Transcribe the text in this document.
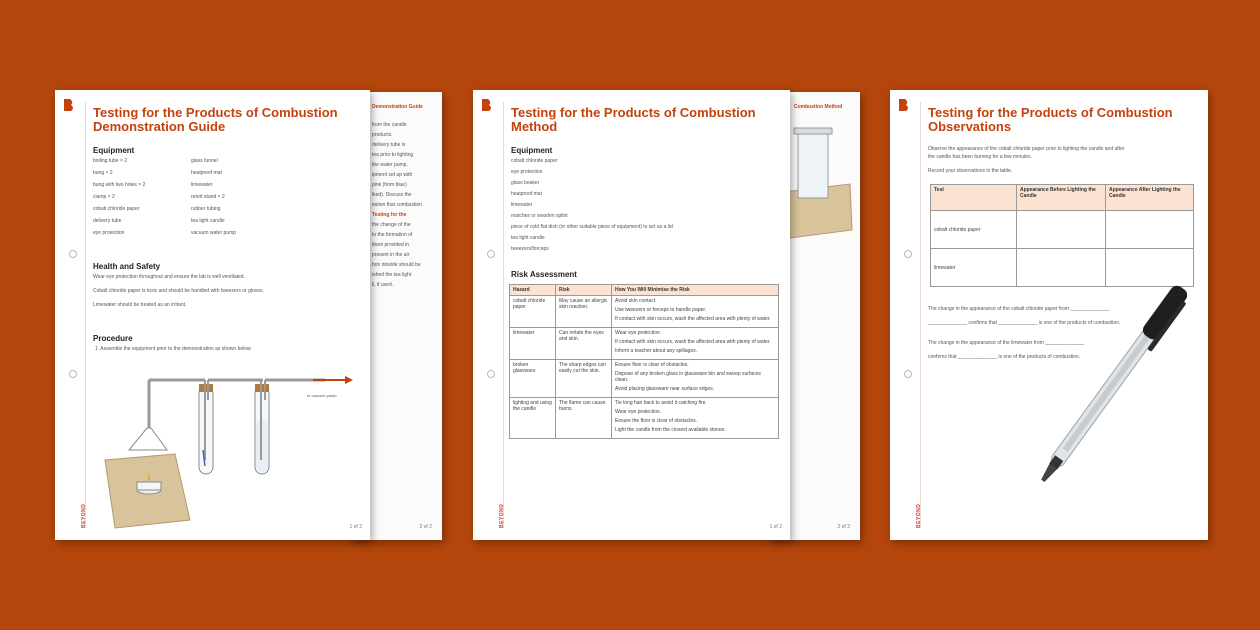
Demonstration Guide
2 of 2
from the candle
products.
delivery tube is
tea prior to lighting
the water pump.
ipment set up with
pink (from blue)
lked). Discuss the
estion that combustion
Testing for the
the change of the
to the formation of
them provided in
present in the air
bon dioxide should be
ished the tea light
ll, if used.
BEYOND
Testing for the Products of Combustion
Demonstration Guide
Equipment
Health and Safety
Procedure
1. Assemble the equipment prior to the demonstration as shown below.
to vacuum pump
1 of 2
boiling tube × 2
bung × 2
bung with two holes × 2
clamp × 2
cobalt chloride paper
delivery tube
eye protection
glass funnel
heatproof mat
limewater
retort stand × 2
rubber tubing
tea light candle
vacuum water pump
Wear eye protection throughout and ensure the lab is well ventilated.
Cobalt chloride paper is toxic and should be handled with tweezers or gloves.
Limewater should be treated as an irritant.
Combustion Method
2 of 2
BEYOND
Testing for the Products of Combustion
Method
Equipment
Risk Assessment
Hazard	Risk	How You Will Minimise the Risk
cobalt chloride paper	May cause an allergic skin reaction.	Avoid skin contact.
Use tweezers or forceps to handle paper.
If contact with skin occurs, wash the affected area with plenty of water.

limewater	Can irritate the eyes and skin.	Wear eye protection.
If contact with skin occurs, wash the affected area with plenty of water.
Inform a teacher about any spillages.

broken glassware	The sharp edges can easily cut the skin.	Ensure floor is clear of obstacles.
Dispose of any broken glass in glassware bin and sweep surfaces clean.
Avoid placing glassware near surface edges.

lighting and using the candle	The flame can cause burns.	Tie long hair back to avoid it catching fire.
Wear eye protection.
Ensure the floor is clear of obstacles.
Light the candle from the closest available stones.
1 of 2
cobalt chloride paper
eye protection
glass beaker
heatproof mat
limewater
matches or wooden splint
piece of cold flat dish (or other suitable piece of equipment) to act as a lid
tea light candle
tweezers/forceps
BEYOND
Testing for the Products of Combustion
Observations
Observe the appearance of the cobalt chloride paper prior to lighting the candle and after
the candle has been burning for a few minutes.
Record your observations in the table.
Test	Appearance Before Lighting the Candle	Appearance After Lighting the Candle
cobalt chloride paper		
limewater		
The change in the appearance of the cobalt chloride paper from ______________
______________ confirms that ______________ is one of the products of combustion.
The change in the appearance of the limewater from ______________
confirms that ______________ is one of the products of combustion.
